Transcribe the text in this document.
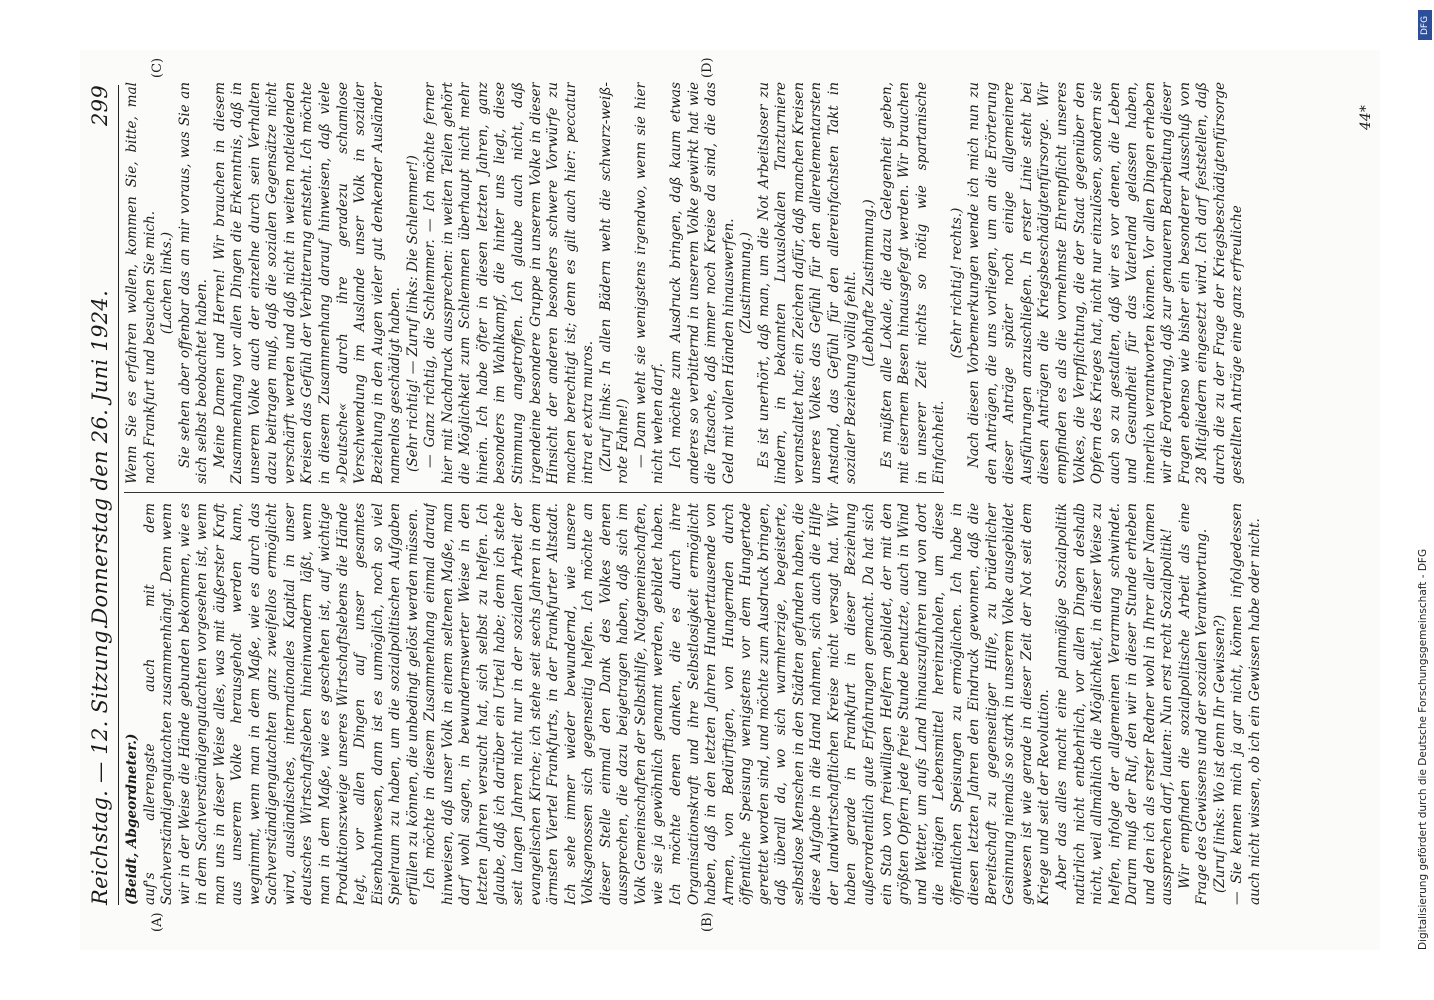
Reichstag. — 12. Sitzung.
Donnerstag den 26. Juni 1924.  299
(A)	(B)
(C)	(D)

(Beidt, Abgeordneter.) auf's allerengste auch mit dem Sachverständigengutachten zusammenhängt. Denn wenn wir in der Weise die Hände gebunden bekommen, wie es in dem Sachverständigengutachten vorgesehen ist, wenn man uns in dieser Weise alles, was mit äußerster Kraft aus unserem Volke herausgeholt werden kann, wegnimmt, wenn man in dem Maße, wie es durch das Sachverständigengutachten ganz zweifellos ermöglicht wird, ausländisches, internationales Kapital in unser deutsches Wirtschaftsleben hineinwandern läßt, wenn man in dem Maße, wie es geschehen ist, auf wichtige Produktionszweige unseres Wirtschaftslebens die Hände legt, vor allen Dingen auf unser gesamtes Eisenbahnwesen, dann ist es unmöglich, noch so viel Spielraum zu haben, um die sozialpolitischen Aufgaben erfüllen zu können, die unbedingt gelöst werden müssen. Ich möchte in diesem Zusammenhang einmal darauf hinweisen, daß unser Volk in einem seltenen Maße, man darf wohl sagen, in bewundernswerter Weise in den letzten Jahren versucht hat, sich selbst zu helfen. Ich glaube, daß ich darüber ein Urteil habe; denn ich stehe seit langen Jahren nicht nur in der sozialen Arbeit der evangelischen Kirche; ich stehe seit sechs Jahren in dem ärmsten Viertel Frankfurts, in der Frankfurter Altstadt. Ich sehe immer wieder bewundernd, wie unsere Volksgenossen sich gegenseitig helfen. Ich möchte an dieser Stelle einmal den Dank des Volkes denen aussprechen, die dazu beigetragen haben, daß sich im Volk Gemeinschaften der Selbsthilfe, Notgemeinschaften, wie sie ja gewöhnlich genannt werden, gebildet haben. Ich möchte denen danken, die es durch ihre Organisationskraft und ihre Selbstlosigkeit ermöglicht haben, daß in den letzten Jahren Hunderttausende von Armen, von Bedürftigen, von Hungernden durch öffentliche Speisung wenigstens vor dem Hungertode gerettet worden sind, und möchte zum Ausdruck bringen, daß überall da, wo sich warmherzige, begeisterte, selbstlose Menschen in den Städten gefunden haben, die diese Aufgabe in die Hand nahmen, sich auch die Hilfe der landwirtschaftlichen Kreise nicht versagt hat. Wir haben gerade in Frankfurt in dieser Beziehung außerordentlich gute Erfahrungen gemacht. Da hat sich ein Stab von freiwilligen Helfern gebildet, der mit den größten Opfern jede freie Stunde benutzte, auch in Wind und Wetter, um aufs Land hinauszufahren und von dort die nötigen Lebensmittel hereinzuholen, um diese öffentlichen Speisungen zu ermöglichen. Ich habe in diesen letzten Jahren den Eindruck gewonnen, daß die Bereitschaft zu gegenseitiger Hilfe, zu brüderlicher Gesinnung niemals so stark in unserem Volke ausgebildet gewesen ist wie gerade in dieser Zeit der Not seit dem Kriege und seit der Revolution. Aber das alles macht eine planmäßige Sozialpolitik natürlich nicht entbehrlich, vor allen Dingen deshalb nicht, weil allmählich die Möglichkeit, in dieser Weise zu helfen, infolge der allgemeinen Verarmung schwindet. Darum muß der Ruf, den wir in dieser Stunde erheben und den ich als erster Redner wohl in Ihrer aller Namen aussprechen darf, lauten: Nun erst recht Sozialpolitik! Wir empfinden die sozialpolitische Arbeit als eine Frage des Gewissens und der sozialen Verantwortung. (Zuruf links: Wo ist denn Ihr Gewissen?) — Sie kennen mich ja gar nicht, können infolgedessen auch nicht wissen, ob ich ein Gewissen habe oder nicht.

Wenn Sie es erfahren wollen, kommen Sie, bitte, mal nach Frankfurt und besuchen Sie mich. (Lachen links.) Sie sehen aber offenbar das an mir voraus, was Sie an sich selbst beobachtet haben. Meine Damen und Herren! Wir brauchen in diesem Zusammenhang vor allen Dingen die Erkenntnis, daß in unserem Volke auch der einzelne durch sein Verhalten dazu beitragen muß, daß die sozialen Gegensätze nicht verschärft werden und daß nicht in weiten notleidenden Kreisen das Gefühl der Verbitterung entsteht. Ich möchte in diesem Zusammenhang darauf hinweisen, daß viele »Deutsche« durch ihre geradezu schamlose Verschwendung im Auslande unser Volk in sozialer Beziehung in den Augen vieler gut denkender Ausländer namenlos geschädigt haben. (Sehr richtig! — Zuruf links: Die Schlemmer!) — Ganz richtig, die Schlemmer. — Ich möchte ferner hier mit Nachdruck aussprechen: in weiten Teilen gehört die Möglichkeit zum Schlemmen überhaupt nicht mehr hinein. Ich habe öfter in diesen letzten Jahren, ganz besonders im Wahlkampf, die hinter uns liegt, diese Stimmung angetroffen. Ich glaube auch nicht, daß irgendeine besondere Gruppe in unserem Volke in dieser Hinsicht der anderen besonders schwere Vorwürfe zu machen berechtigt ist; denn es gilt auch hier: peccatur intra et extra muros. (Zuruf links: In allen Bädern weht die schwarz-weiß-rote Fahne!) — Dann weht sie wenigstens irgendwo, wenn sie hier nicht wehen darf. Ich möchte zum Ausdruck bringen, daß kaum etwas anderes so verbitternd in unserem Volke gewirkt hat wie die Tatsache, daß immer noch Kreise da sind, die das Geld mit vollen Händen hinauswerfen. (Zustimmung.) Es ist unerhört, daß man, um die Not Arbeitsloser zu lindern, in bekannten Luxuslokalen Tanzturniere veranstaltet hat; ein Zeichen dafür, daß manchen Kreisen unseres Volkes das Gefühl für den allerelementarsten Anstand, das Gefühl für den allereinfachsten Takt in sozialer Beziehung völlig fehlt. (Lebhafte Zustimmung.) Es müßten alle Lokale, die dazu Gelegenheit geben, mit eisernem Besen hinausgefegt werden. Wir brauchen in unserer Zeit nichts so nötig wie spartanische Einfachheit.

(Sehr richtig! rechts.) Nach diesen Vorbemerkungen wende ich mich nun zu den Anträgen, die uns vorliegen, um an die Erörterung dieser Anträge später noch einige allgemeinere Ausführungen anzuschließen. In erster Linie steht bei diesen Anträgen die Kriegsbeschädigtenfürsorge. Wir empfinden es als die vornehmste Ehrenpflicht unseres Volkes, die Verpflichtung, die der Staat gegenüber den Opfern des Krieges hat, nicht nur einzulösen, sondern sie auch so zu gestalten, daß wir es vor denen, die Leben und Gesundheit für das Vaterland gelassen haben, innerlich verantworten können. Vor allen Dingen erheben wir die Forderung, daß zur genaueren Bearbeitung dieser Fragen ebenso wie bisher ein besonderer Ausschuß von 28 Mitgliedern eingesetzt wird. Ich darf feststellen, daß durch die zu der Frage der Kriegsbeschädigtenfürsorge gestellten Anträge eine ganz erfreuliche

44*
DFG
Digitalisierung gefördert durch die Deutsche Forschungsgemeinschaft - DFG
